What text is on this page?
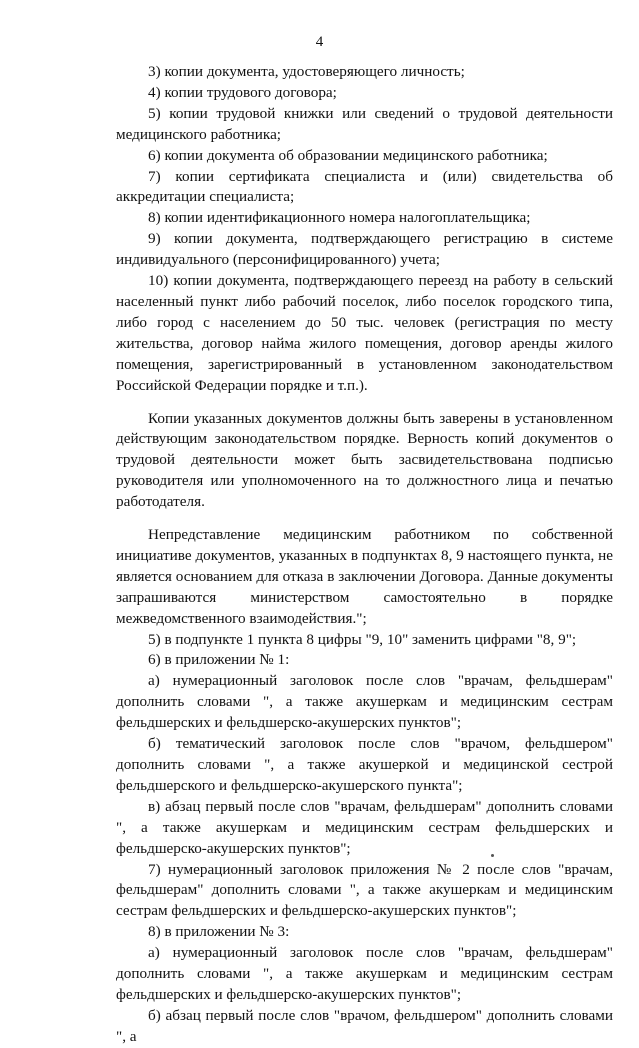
4

3) копии документа, удостоверяющего личность;

4) копии трудового договора;

5) копии трудовой книжки или сведений о трудовой деятельности медицинского работника;

6) копии документа об образовании медицинского работника;

7) копии сертификата специалиста и (или) свидетельства об аккредитации специалиста;

8) копии идентификационного номера налогоплательщика;

9) копии документа, подтверждающего регистрацию в системе индивидуального (персонифицированного) учета;

10) копии документа, подтверждающего переезд на работу в сельский населенный пункт либо рабочий поселок, либо поселок городского типа, либо город с населением до 50 тыс. человек (регистрация по месту жительства, договор найма жилого помещения, договор аренды жилого помещения, зарегистрированный в установленном законодательством Российской Федерации порядке и т.п.).

Копии указанных документов должны быть заверены в установленном действующим законодательством порядке. Верность копий документов о трудовой деятельности может быть засвидетельствована подписью руководителя или уполномоченного на то должностного лица и печатью работодателя.

Непредставление медицинским работником по собственной инициативе документов, указанных в подпунктах 8, 9 настоящего пункта, не является основанием для отказа в заключении Договора. Данные документы запрашиваются министерством самостоятельно в порядке межведомственного взаимодействия.";

5) в подпункте 1 пункта 8 цифры "9, 10" заменить цифрами "8, 9";

6) в приложении № 1:

а) нумерационный заголовок после слов "врачам, фельдшерам" дополнить словами ", а также акушеркам и медицинским сестрам фельдшерских и фельдшерско-акушерских пунктов";

б) тематический заголовок после слов "врачом, фельдшером" дополнить словами ", а также акушеркой и медицинской сестрой фельдшерского и фельдшерско-акушерского пункта";

в) абзац первый после слов "врачам, фельдшерам" дополнить словами ", а также акушеркам и медицинским сестрам фельдшерских и фельдшерско-акушерских пунктов";

7) нумерационный заголовок приложения № 2 после слов "врачам, фельдшерам" дополнить словами ", а также акушеркам и медицинским сестрам фельдшерских и фельдшерско-акушерских пунктов";

8) в приложении № 3:

а) нумерационный заголовок после слов "врачам, фельдшерам" дополнить словами ", а также акушеркам и медицинским сестрам фельдшерских и фельдшерско-акушерских пунктов";

б) абзац первый после слов "врачом, фельдшером" дополнить словами ", а
